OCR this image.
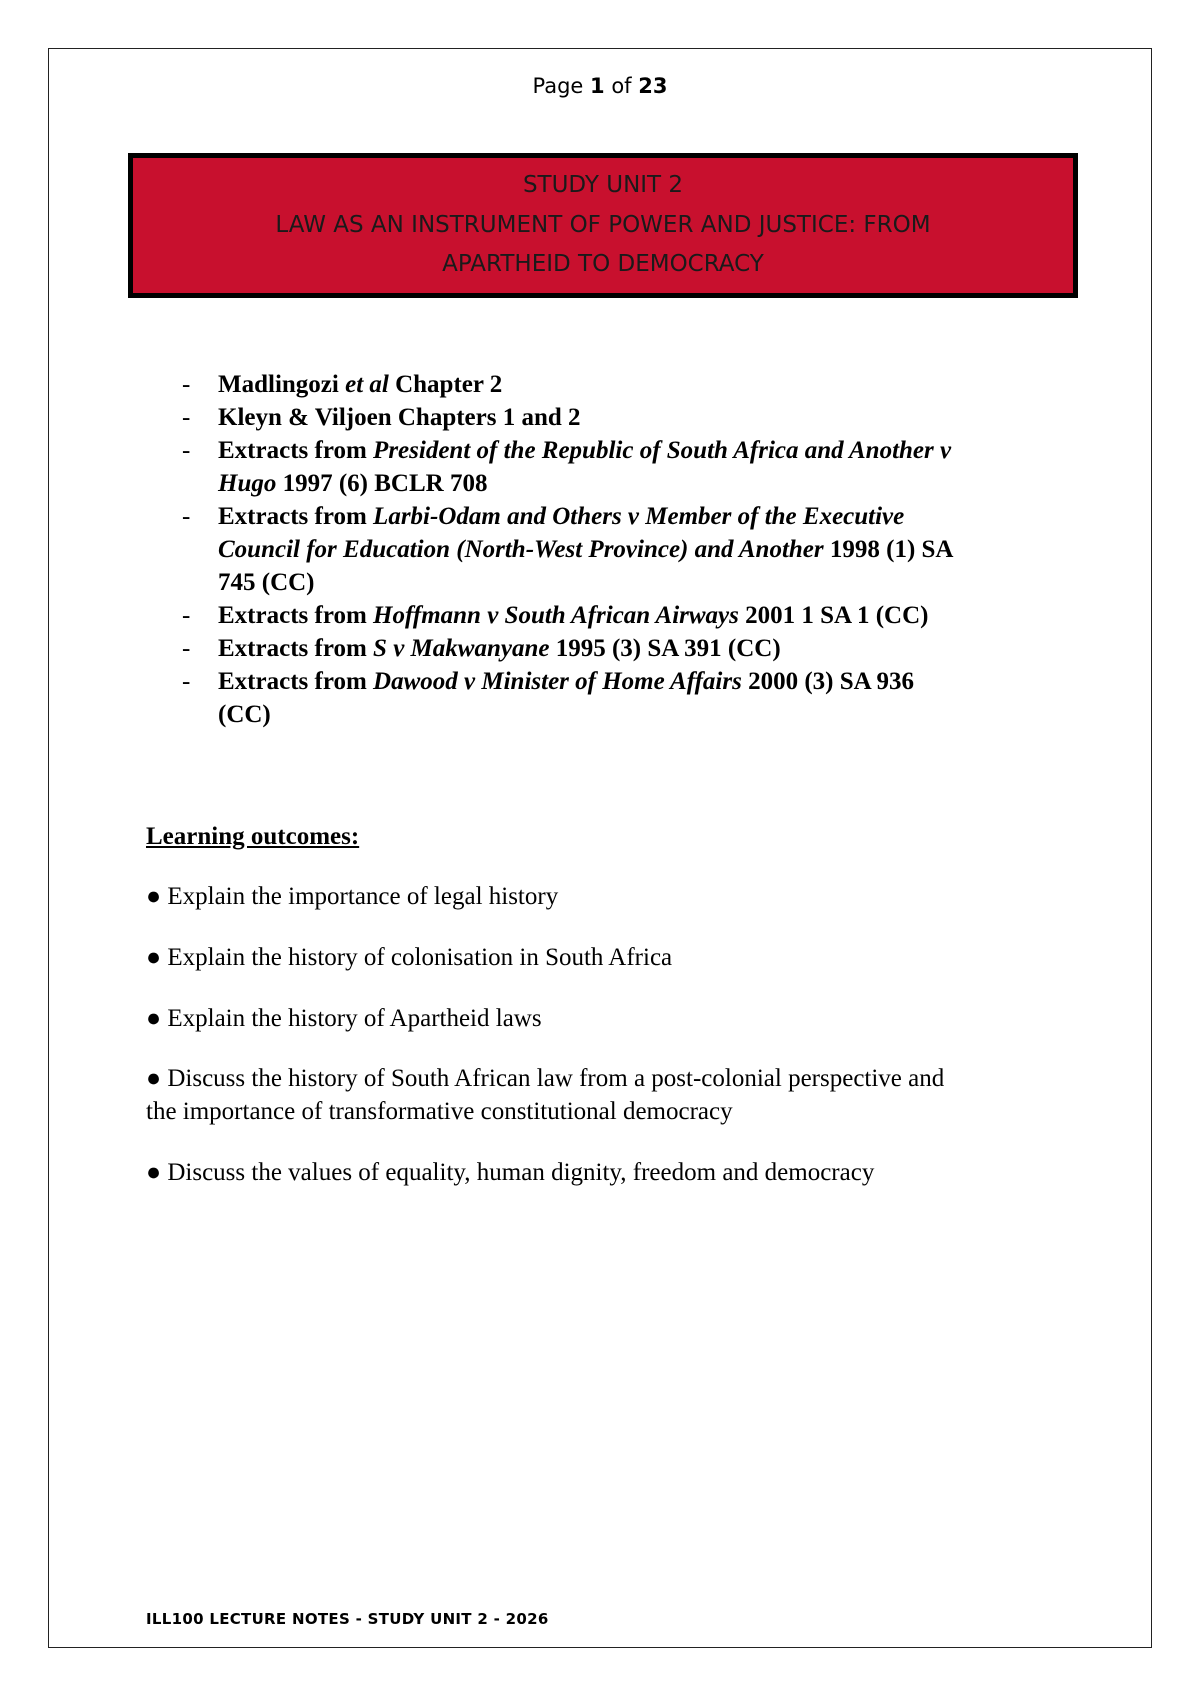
Page 1 of 23
STUDY UNIT 2
LAW AS AN INSTRUMENT OF POWER AND JUSTICE: FROM
APARTHEID TO DEMOCRACY
- Madlingozi et al Chapter 2
- Kleyn & Viljoen Chapters 1 and 2
- Extracts from President of the Republic of South Africa and Another v
Hugo 1997 (6) BCLR 708
- Extracts from Larbi-Odam and Others v Member of the Executive
Council for Education (North-West Province) and Another 1998 (1) SA
745 (CC)
- Extracts from Hoffmann v South African Airways 2001 1 SA 1 (CC)
- Extracts from S v Makwanyane 1995 (3) SA 391 (CC)
- Extracts from Dawood v Minister of Home Affairs 2000 (3) SA 936
(CC)
Learning outcomes:
● Explain the importance of legal history
● Explain the history of colonisation in South Africa
● Explain the history of Apartheid laws
● Discuss the history of South African law from a post-colonial perspective and
the importance of transformative constitutional democracy
● Discuss the values of equality, human dignity, freedom and democracy
ILL100 LECTURE NOTES - STUDY UNIT 2 - 2026
